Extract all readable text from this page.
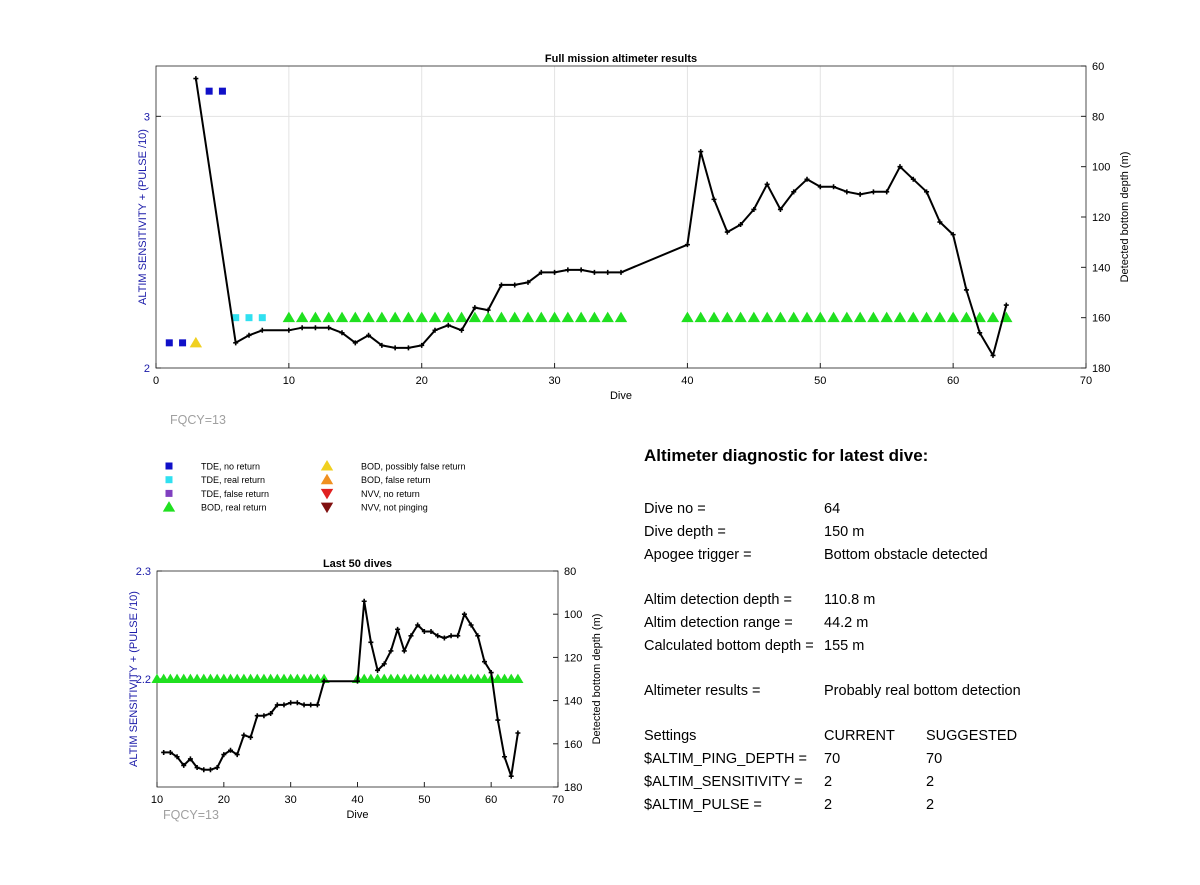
Full mission altimeter results
0	10	20	30	40	50	60	70
Dive
2
3
ALTIM SENSITIVITY + (PULSE /10)
60
80
100
120
140
160
180
Detected bottom depth (m)
FQCY=13
Last 50 dives
10	20	30	40	50	60	70
Dive
2.2
2.3
ALTIM SENSITIVITY + (PULSE /10)
80
100
120
140
160
180
Detected bottom depth (m)
FQCY=13
TDE, no return
TDE, real return
TDE, false return
BOD, real return
BOD, possibly false return
BOD, false return
NVV, no return
NVV, not pinging
Altimeter diagnostic for latest dive:
Dive no =	64
Dive depth =	150 m
Apogee trigger =	Bottom obstacle detected
Altim detection depth = 110.8 m
Altim detection range = 44.2 m
Calculated bottom depth = 155 m
Altimeter results =	Probably real bottom detection
Settings	CURRENT SUGGESTED
$ALTIM_PING_DEPTH = 70	70
$ALTIM_SENSITIVITY = 2	2
$ALTIM_PULSE =	2	2
